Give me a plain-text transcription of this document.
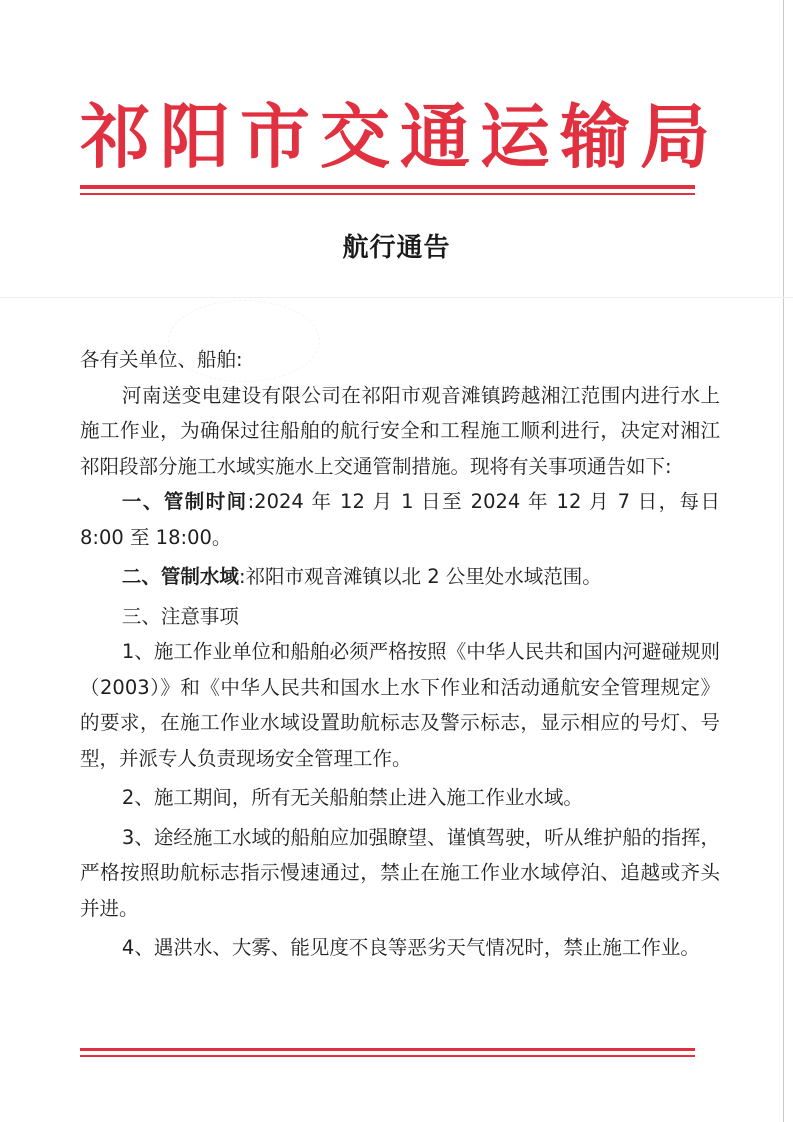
祁阳市交通运输局
航行通告

各有关单位、船舶:

河南送变电建设有限公司在祁阳市观音滩镇跨越湘江范围内进行水上施工作业，为确保过往船舶的航行安全和工程施工顺利进行，决定对湘江祁阳段部分施工水域实施水上交通管制措施。现将有关事项通告如下:

一、管制时间:2024 年 12 月 1 日至 2024 年 12 月 7 日，每日 8:00 至 18:00。

二、管制水域:祁阳市观音滩镇以北 2 公里处水域范围。

三、注意事项

1、施工作业单位和船舶必须严格按照《中华人民共和国内河避碰规则（2003）》和《中华人民共和国水上水下作业和活动通航安全管理规定》的要求，在施工作业水域设置助航标志及警示标志，显示相应的号灯、号型，并派专人负责现场安全管理工作。

2、施工期间，所有无关船舶禁止进入施工作业水域。

3、途经施工水域的船舶应加强瞭望、谨慎驾驶，听从维护船的指挥，严格按照助航标志指示慢速通过，禁止在施工作业水域停泊、追越或齐头并进。

4、遇洪水、大雾、能见度不良等恶劣天气情况时，禁止施工作业。
